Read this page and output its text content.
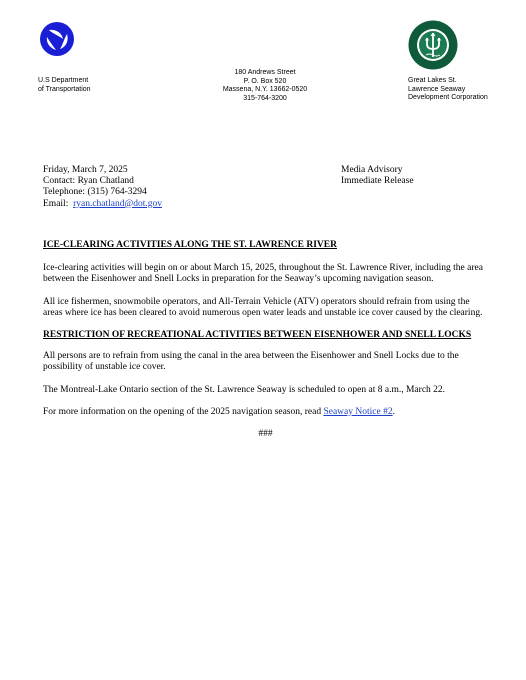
U.S Department
of Transportation
180 Andrews Street
P. O. Box 520
Massena, N.Y. 13662-0520
315-764-3200
Great Lakes St.
Lawrence Seaway
Development Corporation
Friday, March 7, 2025
Contact: Ryan Chatland
Telephone: (315) 764-3294
Email: ryan.chatland@dot.gov
Media Advisory
Immediate Release

ICE-CLEARING ACTIVITIES ALONG THE ST. LAWRENCE RIVER

Ice-clearing activities will begin on or about March 15, 2025, throughout the St. Lawrence River, including the area between the Eisenhower and Snell Locks in preparation for the Seaway’s upcoming navigation season.

All ice fishermen, snowmobile operators, and All-Terrain Vehicle (ATV) operators should refrain from using the areas where ice has been cleared to avoid numerous open water leads and unstable ice cover caused by the clearing.

RESTRICTION OF RECREATIONAL ACTIVITIES BETWEEN EISENHOWER AND SNELL LOCKS

All persons are to refrain from using the canal in the area between the Eisenhower and Snell Locks due to the possibility of unstable ice cover.

The Montreal-Lake Ontario section of the St. Lawrence Seaway is scheduled to open at 8 a.m., March 22.

For more information on the opening of the 2025 navigation season, read Seaway Notice #2.

###
